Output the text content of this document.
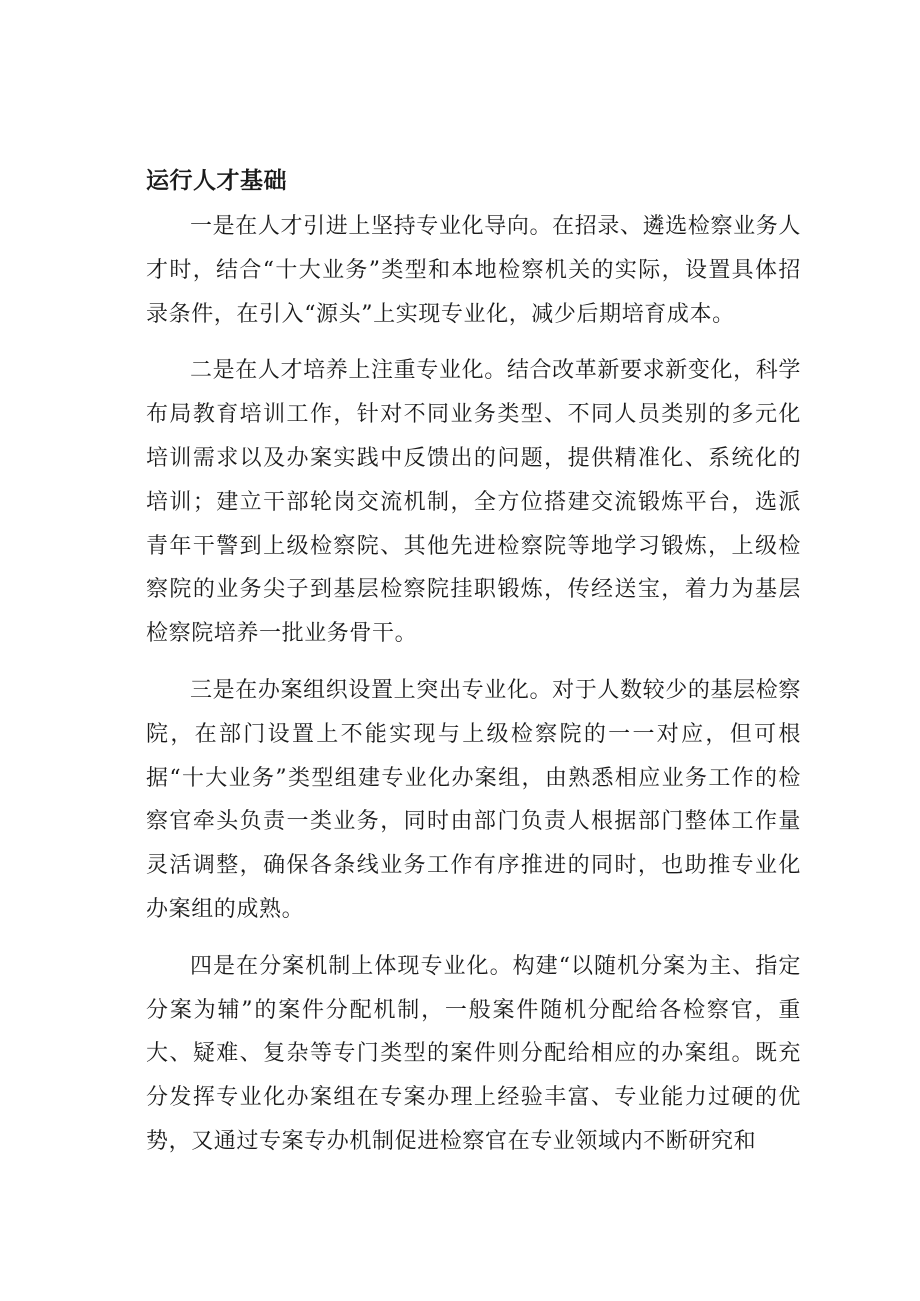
运行人才基础

一是在人才引进上坚持专业化导向。在招录、遴选检察业务人才时，结合“十大业务”类型和本地检察机关的实际，设置具体招录条件，在引入“源头”上实现专业化，减少后期培育成本。

二是在人才培养上注重专业化。结合改革新要求新变化，科学布局教育培训工作，针对不同业务类型、不同人员类别的多元化培训需求以及办案实践中反馈出的问题，提供精准化、系统化的培训；建立干部轮岗交流机制，全方位搭建交流锻炼平台，选派青年干警到上级检察院、其他先进检察院等地学习锻炼，上级检察院的业务尖子到基层检察院挂职锻炼，传经送宝，着力为基层检察院培养一批业务骨干。

三是在办案组织设置上突出专业化。对于人数较少的基层检察院，在部门设置上不能实现与上级检察院的一一对应，但可根据“十大业务”类型组建专业化办案组，由熟悉相应业务工作的检察官牵头负责一类业务，同时由部门负责人根据部门整体工作量灵活调整，确保各条线业务工作有序推进的同时，也助推专业化办案组的成熟。

四是在分案机制上体现专业化。构建“以随机分案为主、指定分案为辅”的案件分配机制，一般案件随机分配给各检察官，重大、疑难、复杂等专门类型的案件则分配给相应的办案组。既充分发挥专业化办案组在专案办理上经验丰富、专业能力过硬的优势，又通过专案专办机制促进检察官在专业领域内不断研究和
